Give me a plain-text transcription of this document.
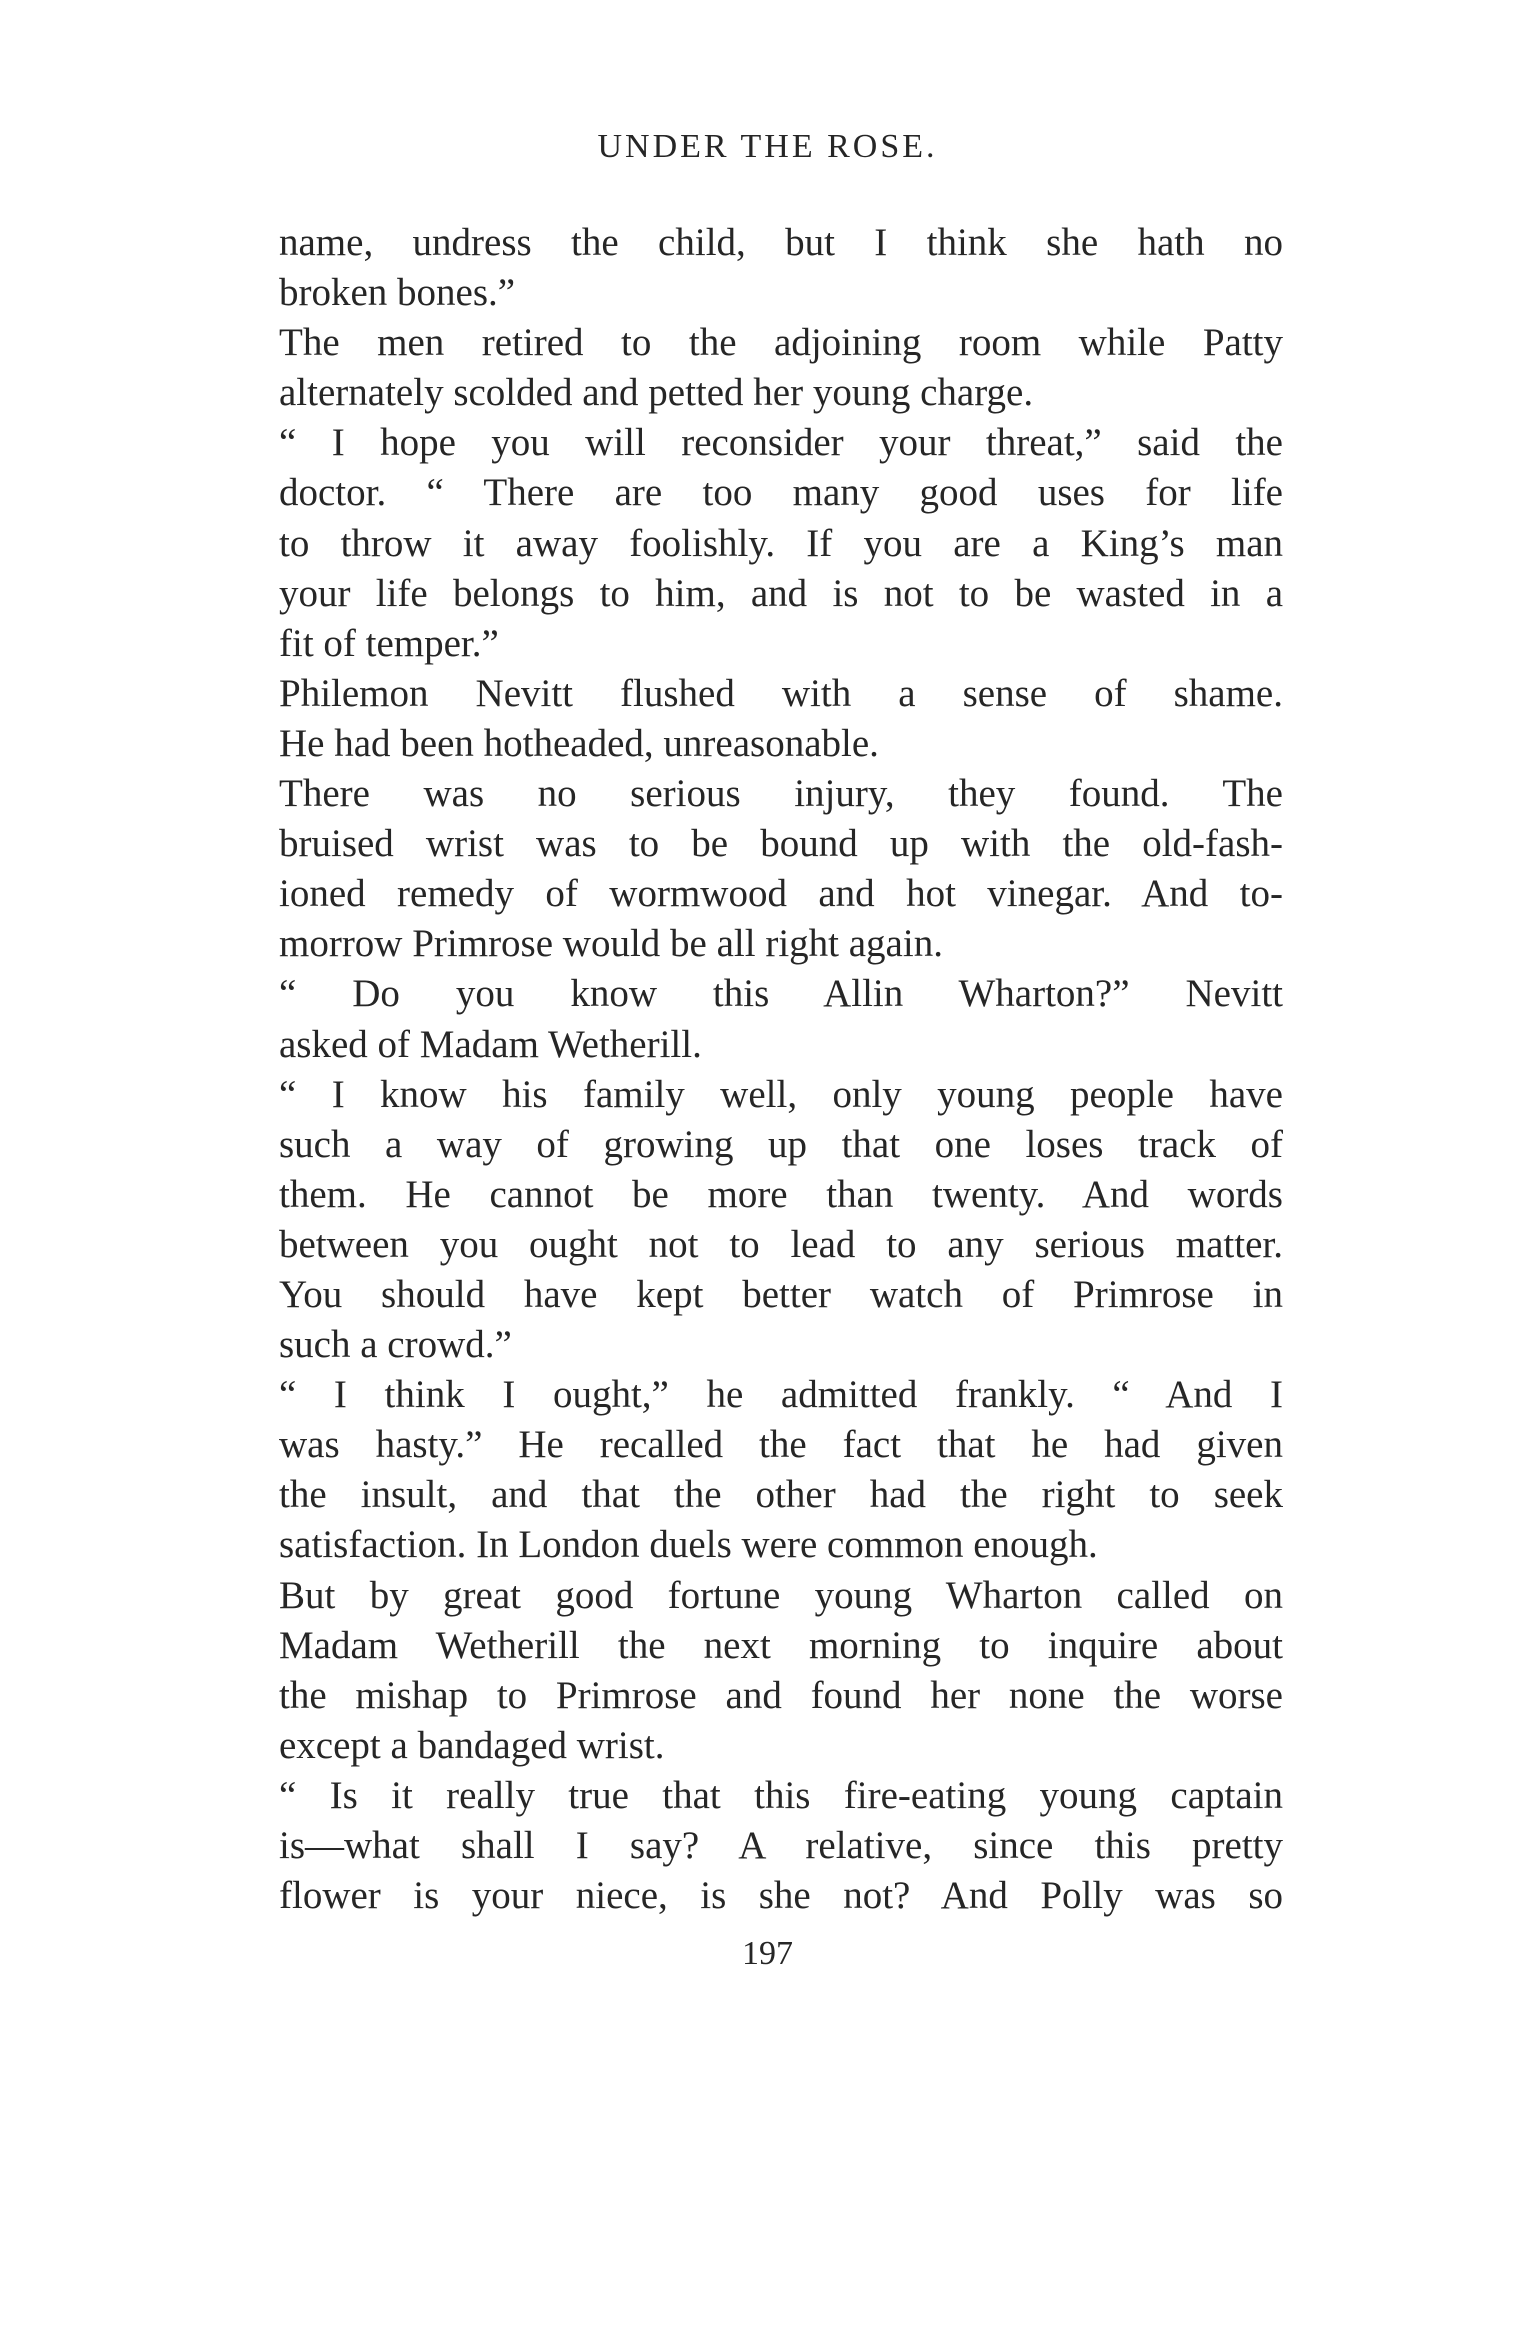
UNDER THE ROSE.
name, undress the child, but I think she hath no
broken bones.”
The men retired to the adjoining room while Patty
alternately scolded and petted her young charge.
“ I hope you will reconsider your threat,” said the
doctor. “ There are too many good uses for life
to throw it away foolishly. If you are a King’s man
your life belongs to him, and is not to be wasted in a
fit of temper.”
Philemon Nevitt flushed with a sense of shame.
He had been hotheaded, unreasonable.
There was no serious injury, they found. The
bruised wrist was to be bound up with the old-fash-
ioned remedy of wormwood and hot vinegar. And to-
morrow Primrose would be all right again.
“ Do you know this Allin Wharton?” Nevitt
asked of Madam Wetherill.
“ I know his family well, only young people have
such a way of growing up that one loses track of
them. He cannot be more than twenty. And words
between you ought not to lead to any serious matter.
You should have kept better watch of Primrose in
such a crowd.”
“ I think I ought,” he admitted frankly. “ And I
was hasty.” He recalled the fact that he had given
the insult, and that the other had the right to seek
satisfaction. In London duels were common enough.
But by great good fortune young Wharton called on
Madam Wetherill the next morning to inquire about
the mishap to Primrose and found her none the worse
except a bandaged wrist.
“ Is it really true that this fire-eating young captain
is—what shall I say? A relative, since this pretty
flower is your niece, is she not? And Polly was so
197
